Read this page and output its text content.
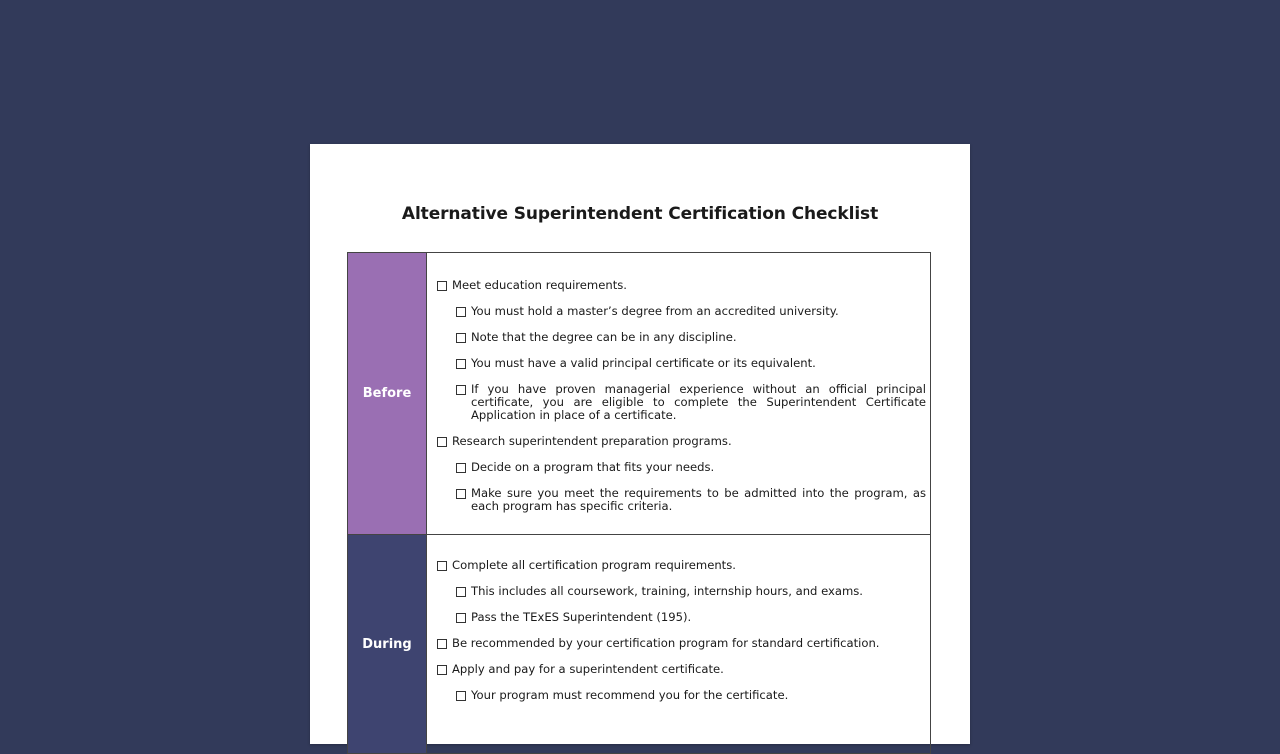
Alternative Superintendent Certification Checklist
Before
Meet education requirements.
You must hold a master’s degree from an accredited university.
Note that the degree can be in any discipline.
You must have a valid principal certificate or its equivalent.
If you have proven managerial experience without an official principal certificate, you are eligible to complete the Superintendent Certificate Application in place of a certificate.
Research superintendent preparation programs.
Decide on a program that fits your needs.
Make sure you meet the requirements to be admitted into the program, as each program has specific criteria.
During
Complete all certification program requirements.
This includes all coursework, training, internship hours, and exams.
Pass the TExES Superintendent (195).
Be recommended by your certification program for standard certification.
Apply and pay for a superintendent certificate.
Your program must recommend you for the certificate.
